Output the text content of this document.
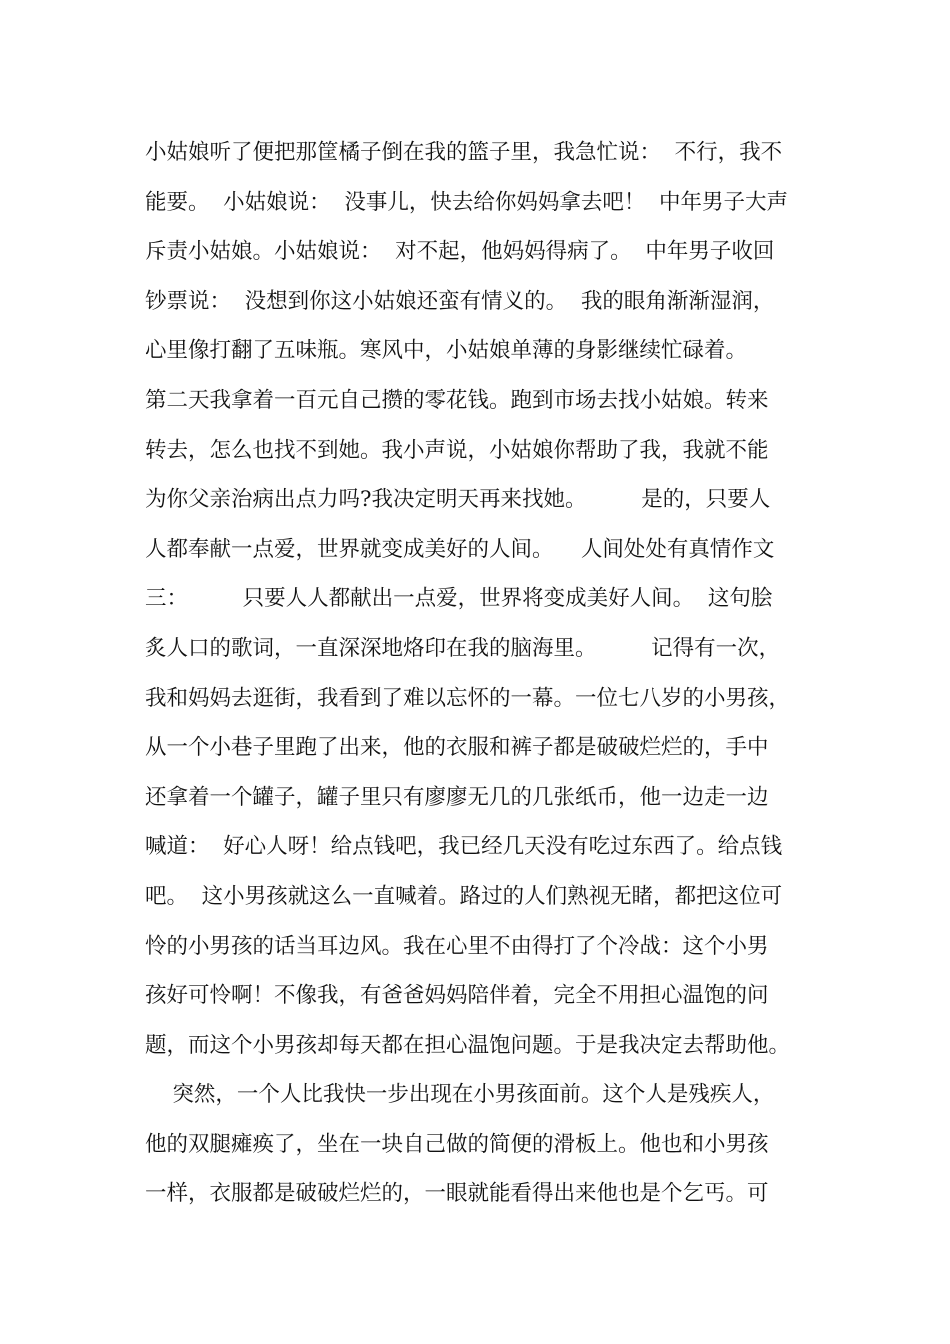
小姑娘听了便把那筐橘子倒在我的篮子里，我急忙说：  不行，我不
能要。  小姑娘说：  没事儿，快去给你妈妈拿去吧！  中年男子大声
斥责小姑娘。小姑娘说：  对不起，他妈妈得病了。  中年男子收回
钞票说：  没想到你这小姑娘还蛮有情义的。  我的眼角渐渐湿润，
心里像打翻了五味瓶。寒风中，小姑娘单薄的身影继续忙碌着。
第二天我拿着一百元自己攒的零花钱。跑到市场去找小姑娘。转来
转去，怎么也找不到她。我小声说，小姑娘你帮助了我，我就不能
为你父亲治病出点力吗?我决定明天再来找她。        是的，只要人
人都奉献一点爱，世界就变成美好的人间。    人间处处有真情作文
三：        只要人人都献出一点爱，世界将变成美好人间。  这句脍
炙人口的歌词，一直深深地烙印在我的脑海里。        记得有一次，
我和妈妈去逛街，我看到了难以忘怀的一幕。一位七八岁的小男孩，
从一个小巷子里跑了出来，他的衣服和裤子都是破破烂烂的，手中
还拿着一个罐子，罐子里只有廖廖无几的几张纸币，他一边走一边
喊道：  好心人呀！给点钱吧，我已经几天没有吃过东西了。给点钱
吧。  这小男孩就这么一直喊着。路过的人们熟视无睹，都把这位可
怜的小男孩的话当耳边风。我在心里不由得打了个冷战：这个小男
孩好可怜啊！不像我，有爸爸妈妈陪伴着，完全不用担心温饱的问
题，而这个小男孩却每天都在担心温饱问题。于是我决定去帮助他。
突然，一个人比我快一步出现在小男孩面前。这个人是残疾人，
他的双腿瘫痪了，坐在一块自己做的简便的滑板上。他也和小男孩
一样，衣服都是破破烂烂的，一眼就能看得出来他也是个乞丐。可
